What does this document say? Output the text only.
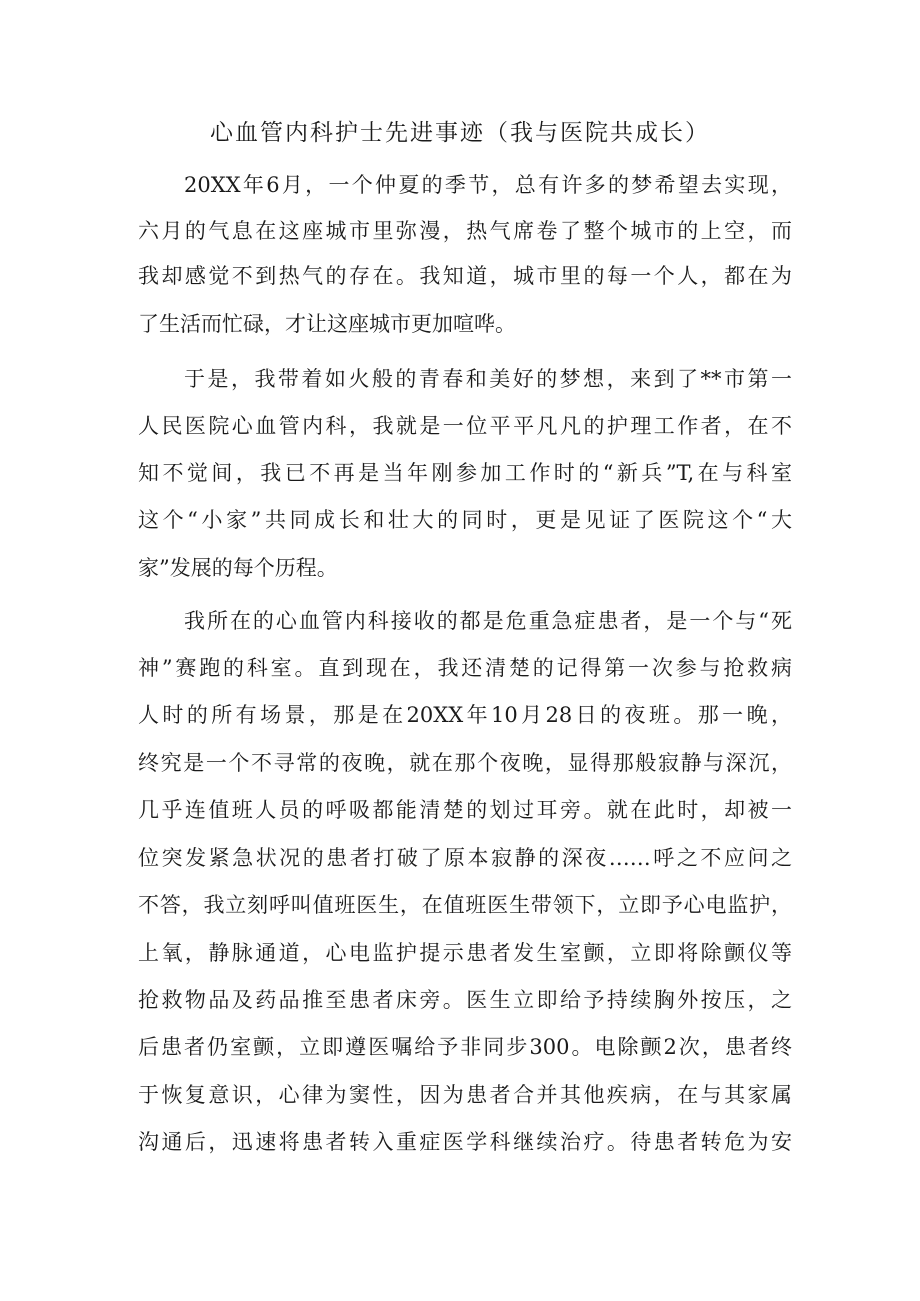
心血管内科护士先进事迹（我与医院共成长）
20XX年6月，一个仲夏的季节，总有许多的梦希望去实现，
六月的气息在这座城市里弥漫，热气席卷了整个城市的上空，而
我却感觉不到热气的存在。我知道，城市里的每一个人，都在为
了生活而忙碌，才让这座城市更加喧哗。
于是，我带着如火般的青春和美好的梦想，来到了**市第一
人民医院心血管内科，我就是一位平平凡凡的护理工作者，在不
知不觉间，我已不再是当年刚参加工作时的“新兵”T,在与科室
这个“小家”共同成长和壮大的同时，更是见证了医院这个“大
家”发展的每个历程。
我所在的心血管内科接收的都是危重急症患者，是一个与“死
神”赛跑的科室。直到现在，我还清楚的记得第一次参与抢救病
人时的所有场景，那是在20XX年10月28日的夜班。那一晚，
终究是一个不寻常的夜晚，就在那个夜晚，显得那般寂静与深沉，
几乎连值班人员的呼吸都能清楚的划过耳旁。就在此时，却被一
位突发紧急状况的患者打破了原本寂静的深夜……呼之不应问之
不答，我立刻呼叫值班医生，在值班医生带领下，立即予心电监护，
上氧，静脉通道，心电监护提示患者发生室颤，立即将除颤仪等
抢救物品及药品推至患者床旁。医生立即给予持续胸外按压，之
后患者仍室颤，立即遵医嘱给予非同步300。电除颤2次，患者终
于恢复意识，心律为窦性，因为患者合并其他疾病，在与其家属
沟通后，迅速将患者转入重症医学科继续治疗。待患者转危为安
